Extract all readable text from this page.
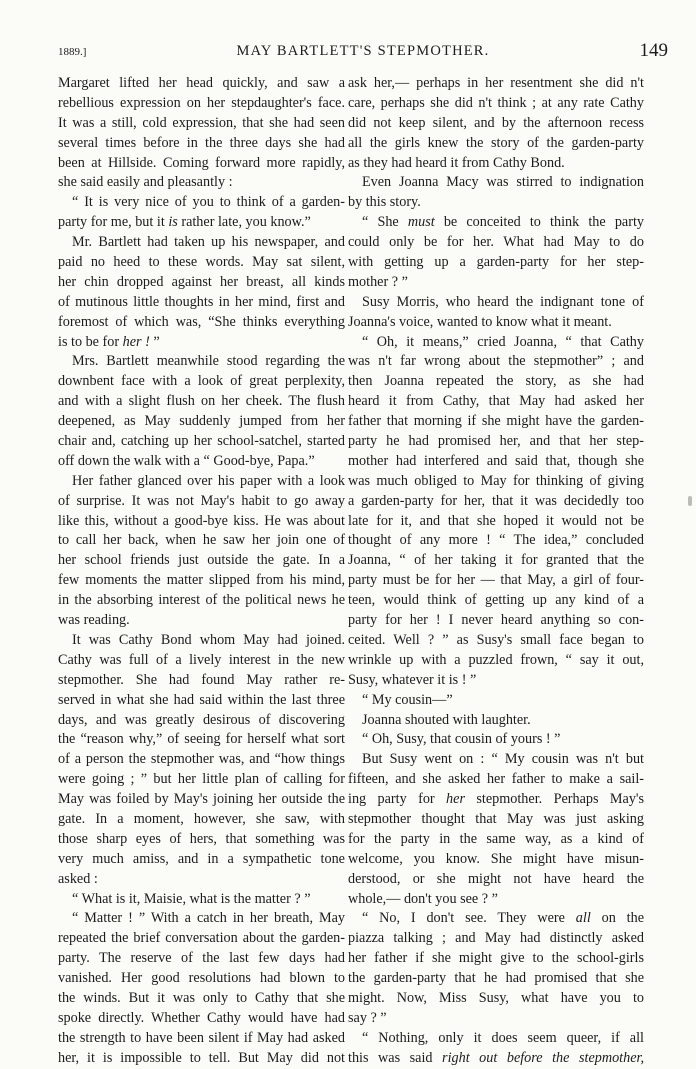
1889.]	MAY BARTLETT'S STEPMOTHER.	149
Margaret lifted her head quickly, and saw a
rebellious expression on her stepdaughter's face.
It was a still, cold expression, that she had seen
several times before in the three days she had
been at Hillside. Coming forward more rapidly,
she said easily and pleasantly :
“ It is very nice of you to think of a garden-
party for me, but it is rather late, you know.”
Mr. Bartlett had taken up his newspaper, and
paid no heed to these words. May sat silent,
her chin dropped against her breast, all kinds
of mutinous little thoughts in her mind, first and
foremost of which was, “She thinks everything
is to be for her ! ”
Mrs. Bartlett meanwhile stood regarding the
downbent face with a look of great perplexity,
and with a slight flush on her cheek. The flush
deepened, as May suddenly jumped from her
chair and, catching up her school-satchel, started
off down the walk with a “ Good-bye, Papa.”
Her father glanced over his paper with a look
of surprise. It was not May's habit to go away
like this, without a good-bye kiss. He was about
to call her back, when he saw her join one of
her school friends just outside the gate. In a
few moments the matter slipped from his mind,
in the absorbing interest of the political news he
was reading.
It was Cathy Bond whom May had joined.
Cathy was full of a lively interest in the new
stepmother. She had found May rather re-
served in what she had said within the last three
days, and was greatly desirous of discovering
the “reason why,” of seeing for herself what sort
of a person the stepmother was, and “how things
were going ; ” but her little plan of calling for
May was foiled by May's joining her outside the
gate. In a moment, however, she saw, with
those sharp eyes of hers, that something was
very much amiss, and in a sympathetic tone
asked :
“ What is it, Maisie, what is the matter ? ”
“ Matter ! ” With a catch in her breath, May
repeated the brief conversation about the garden-
party. The reserve of the last few days had
vanished. Her good resolutions had blown to
the winds. But it was only to Cathy that she
spoke directly. Whether Cathy would have had
the strength to have been silent if May had asked
her, it is impossible to tell. But May did not
ask her,— perhaps in her resentment she did n't
care, perhaps she did n't think ; at any rate Cathy
did not keep silent, and by the afternoon recess
all the girls knew the story of the garden-party
as they had heard it from Cathy Bond.
Even Joanna Macy was stirred to indignation
by this story.
“ She must be conceited to think the party
could only be for her. What had May to do
with getting up a garden-party for her step-
mother ? ”
Susy Morris, who heard the indignant tone of
Joanna's voice, wanted to know what it meant.
“ Oh, it means,” cried Joanna, “ that Cathy
was n't far wrong about the stepmother” ; and
then Joanna repeated the story, as she had
heard it from Cathy, that May had asked her
father that morning if she might have the garden-
party he had promised her, and that her step-
mother had interfered and said that, though she
was much obliged to May for thinking of giving
a garden-party for her, that it was decidedly too
late for it, and that she hoped it would not be
thought of any more ! “ The idea,” concluded
Joanna, “ of her taking it for granted that the
party must be for her — that May, a girl of four-
teen, would think of getting up any kind of a
party for her ! I never heard anything so con-
ceited. Well ? ” as Susy's small face began to
wrinkle up with a puzzled frown, “ say it out,
Susy, whatever it is ! ”
“ My cousin—”
Joanna shouted with laughter.
“ Oh, Susy, that cousin of yours ! ”
But Susy went on : “ My cousin was n't but
fifteen, and she asked her father to make a sail-
ing party for her stepmother. Perhaps May's
stepmother thought that May was just asking
for the party in the same way, as a kind of
welcome, you know. She might have misun-
derstood, or she might not have heard the
whole,— don't you see ? ”
“ No, I don't see. They were all on the
piazza talking ; and May had distinctly asked
her father if she might give to the school-girls
the garden-party that he had promised that she
might. Now, Miss Susy, what have you to
say ? ”
“ Nothing, only it does seem queer, if all
this was said right out before the stepmother,
